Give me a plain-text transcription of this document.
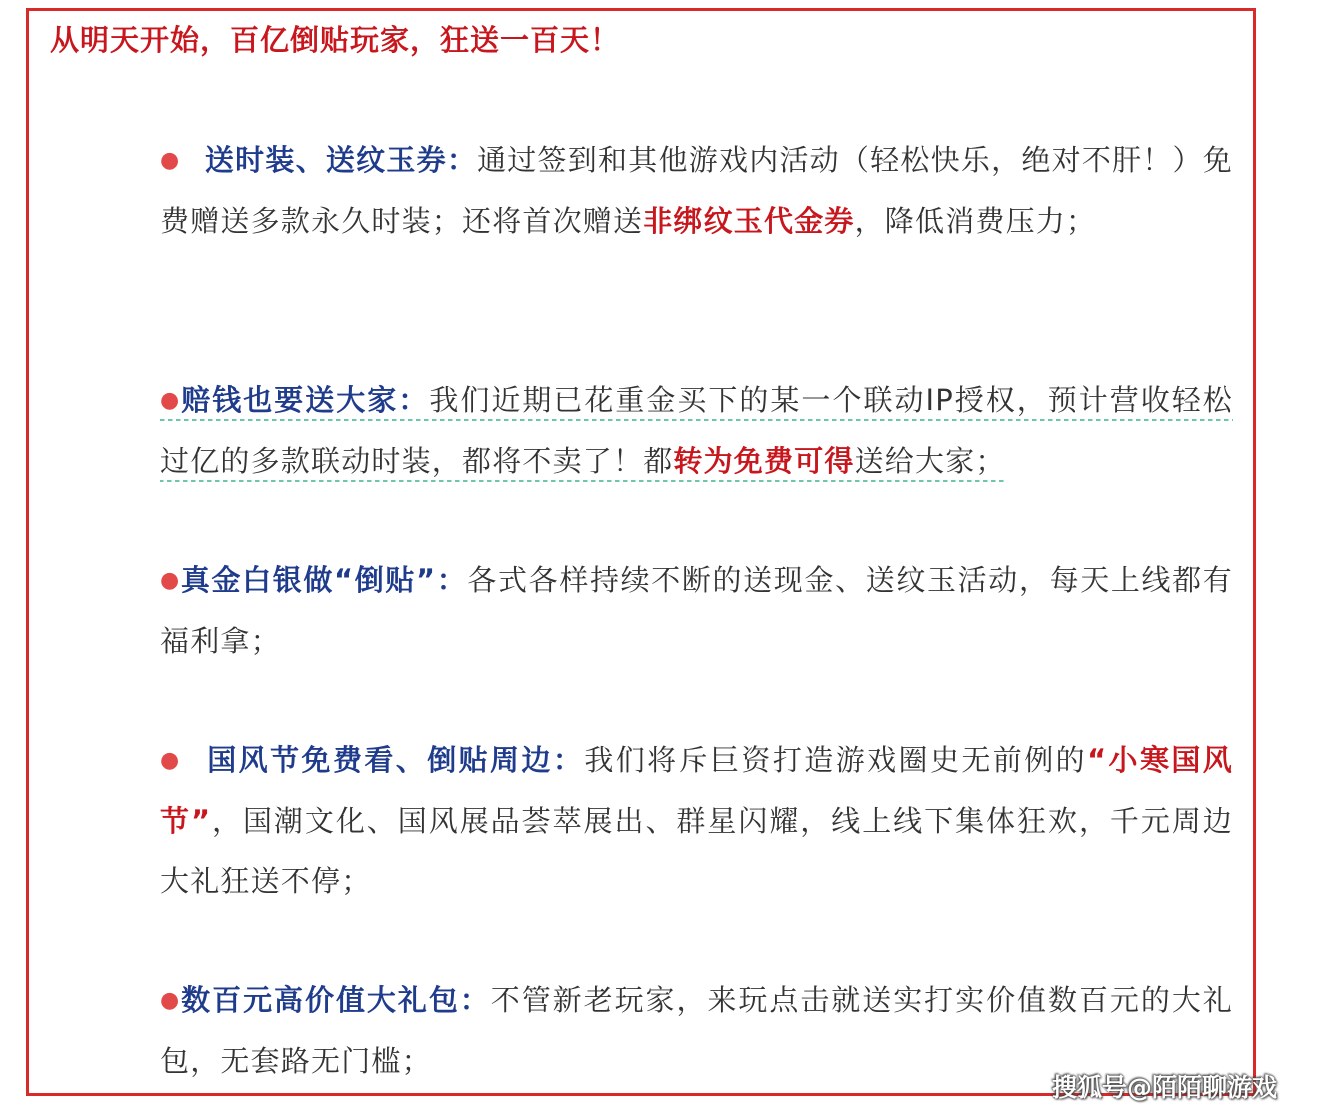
从明天开始，百亿倒贴玩家，狂送一百天！
● 送时装、送纹玉券：通过签到和其他游戏内活动（轻松快乐，绝对不肝！）免费赠送多款永久时装；还将首次赠送非绑纹玉代金券，降低消费压力；
●赔钱也要送大家：我们近期已花重金买下的某一个联动IP授权，预计营收轻松过亿的多款联动时装，都将不卖了！都转为免费可得送给大家；
●真金白银做“倒贴”：各式各样持续不断的送现金、送纹玉活动，每天上线都有福利拿；
● 国风节免费看、倒贴周边：我们将斥巨资打造游戏圈史无前例的“小寒国风节”，国潮文化、国风展品荟萃展出、群星闪耀，线上线下集体狂欢，千元周边大礼狂送不停；
●数百元高价值大礼包：不管新老玩家，来玩点击就送实打实价值数百元的大礼包，无套路无门槛；
搜狐号@陌陌聊游戏
